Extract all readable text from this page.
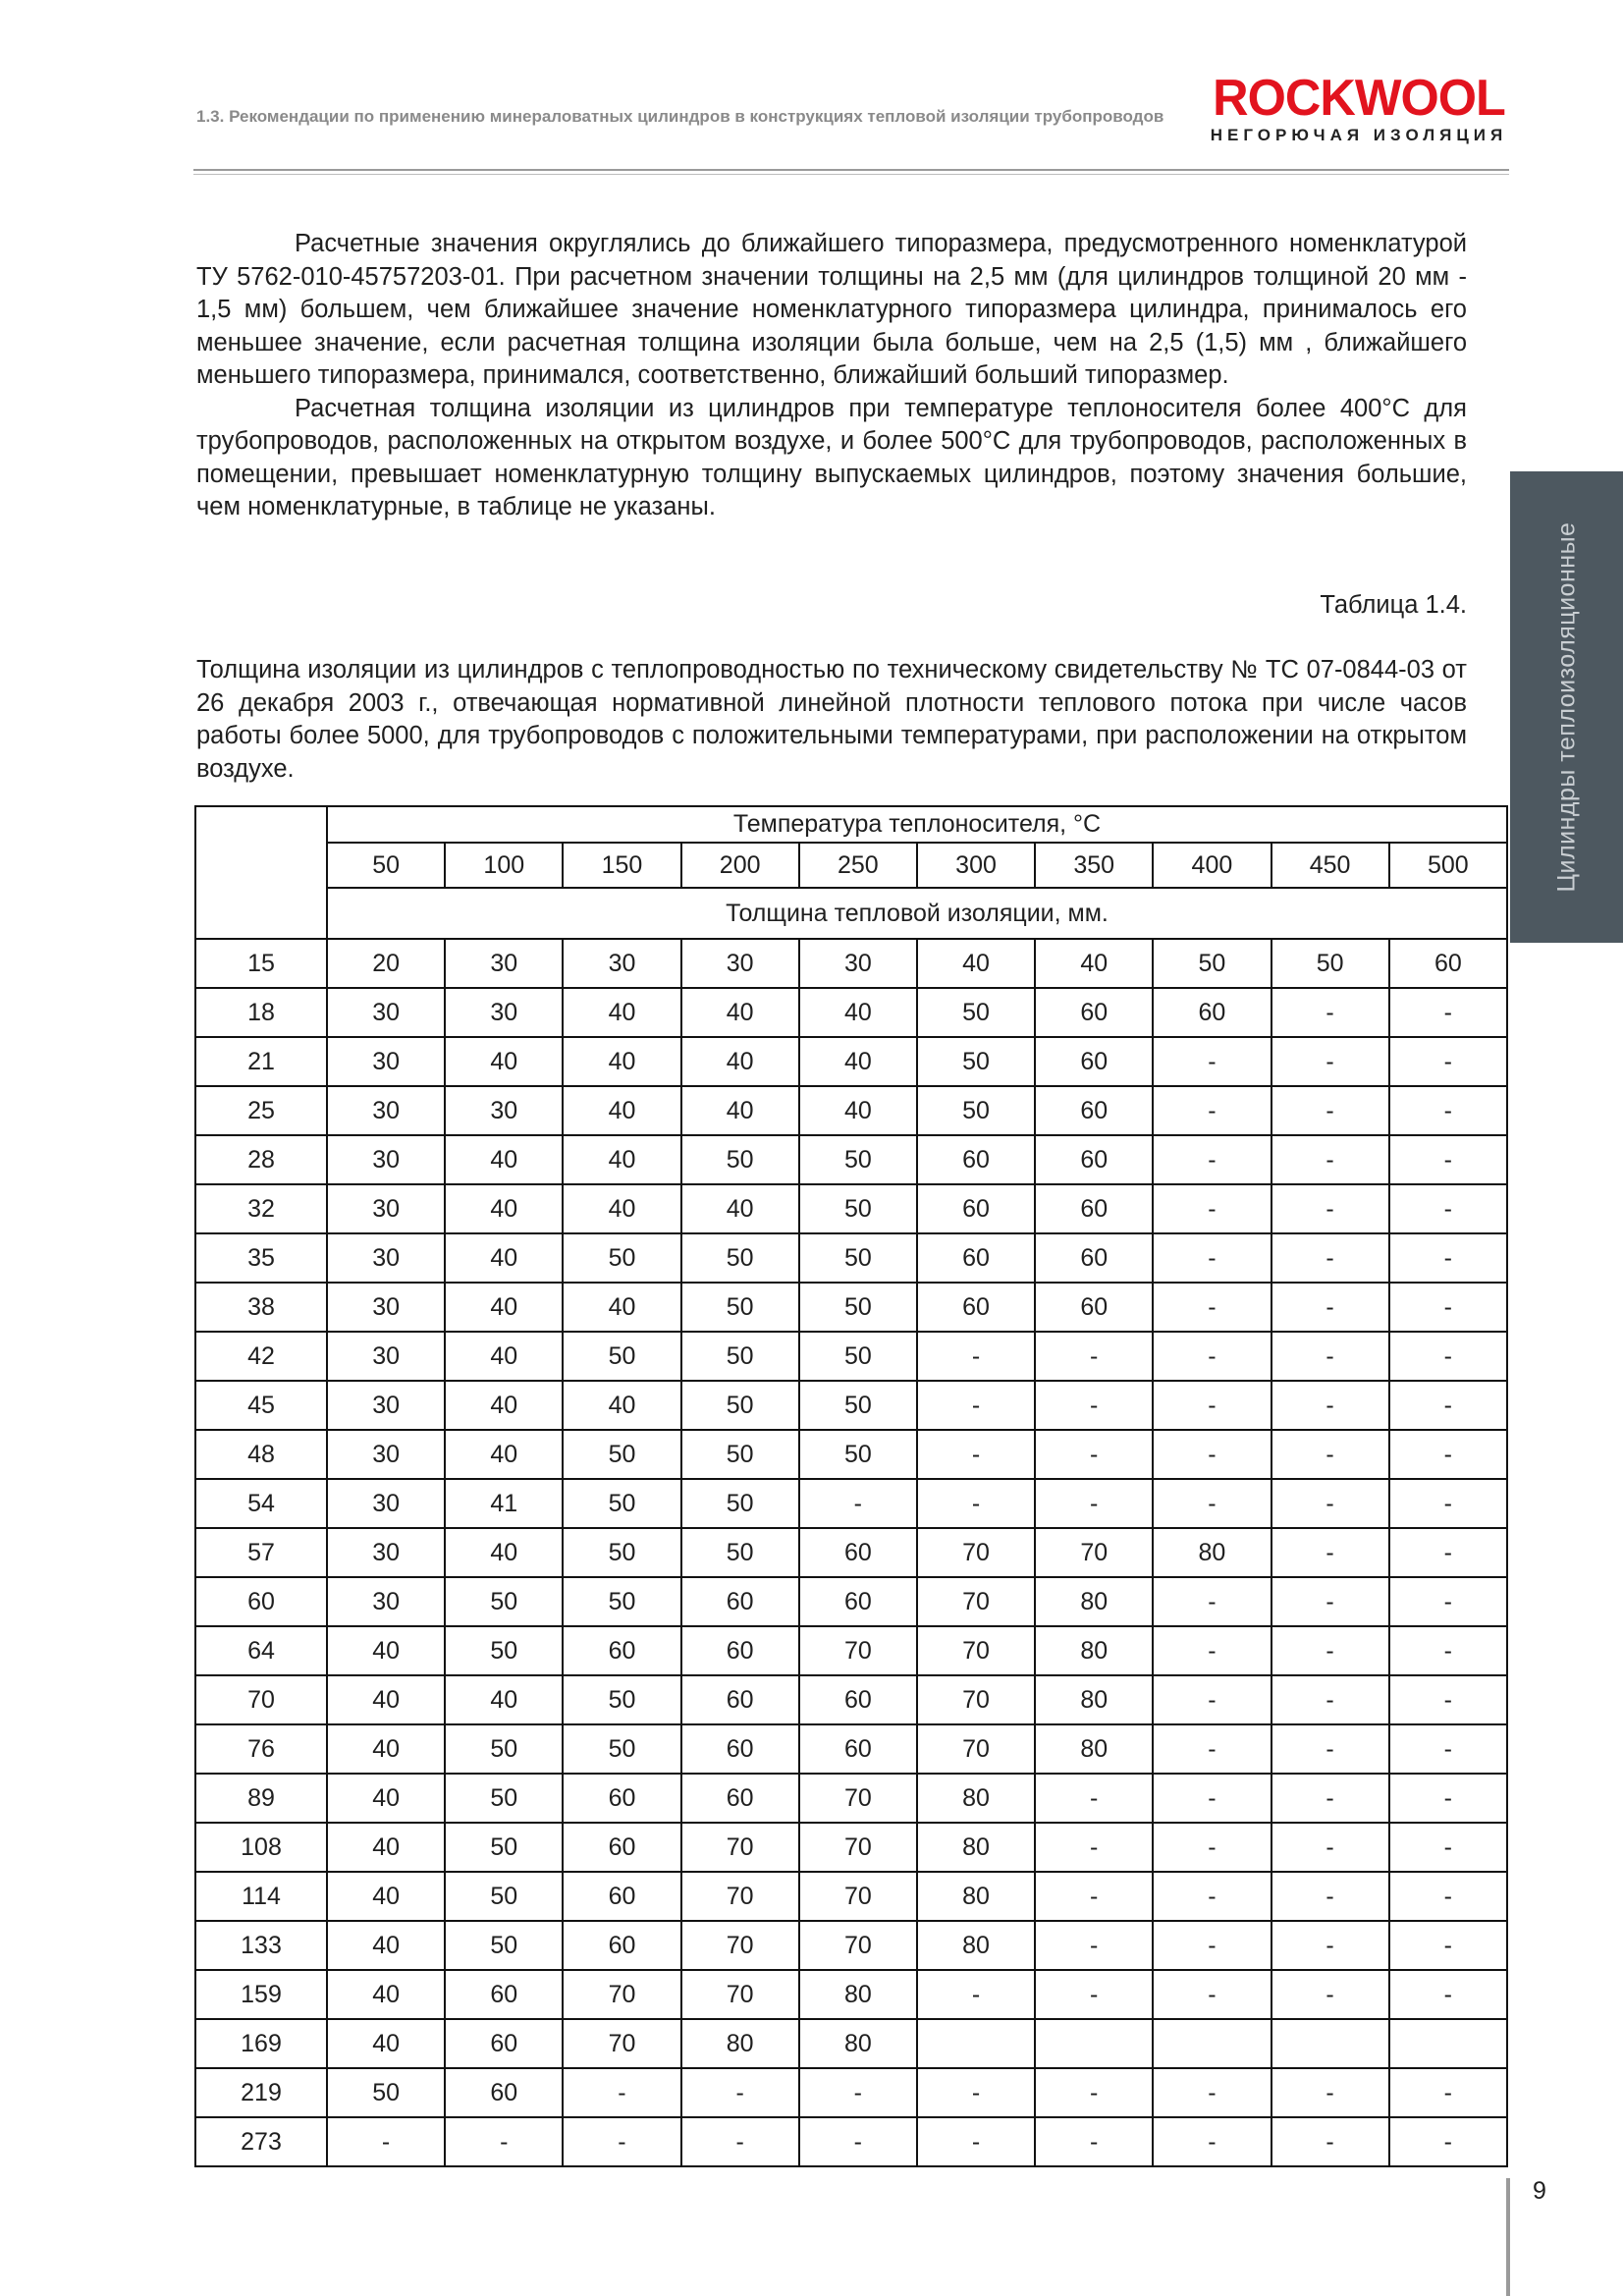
1.3. Рекомендации по применению минераловатных цилиндров в конструкциях тепловой изоляции трубопроводов ROCKWOOL
НЕГОРЮЧАЯ ИЗОЛЯЦИЯ

Расчетные значения округлялись до ближайшего типоразмера, предусмотренного номенклатурой ТУ 5762-010-45757203-01. При расчетном значении толщины на 2,5 мм (для цилиндров толщиной 20 мм - 1,5 мм) большем, чем ближайшее значение номенклатурного типоразмера цилиндра, принималось его меньшее значение, если расчетная толщина изоляции была больше, чем на 2,5 (1,5) мм , ближайшего меньшего типоразмера, принимался, соответственно, ближайший больший типоразмер.

Расчетная толщина изоляции из цилиндров при температуре теплоносителя более 400°С для трубопроводов, расположенных на открытом воздухе, и более 500°С для трубопроводов, расположенных в помещении, превышает номенклатурную толщину выпускаемых цилиндров, поэтому значения большие, чем номенклатурные, в таблице не указаны.

Таблица 1.4.
Толщина изоляции из цилиндров с теплопроводностью по техническому свидетельству № ТС 07-0844-03 от 26 декабря 2003 г., отвечающая нормативной линейной плотности теплового потока при числе часов работы более 5000, для трубопроводов с положительными температурами, при расположении на открытом воздухе.	Цилиндры теплоизоляционные
	Температура теплоносителя, °С									
	50	100	150	200	250	300	350	400	450	500
	Толщина тепловой изоляции, мм.									
15	20	30	30	30	30	40	40	50	50	60
18	30	30	40	40	40	50	60	60	-	-
21	30	40	40	40	40	50	60	-	-	-
25	30	30	40	40	40	50	60	-	-	-
28	30	40	40	50	50	60	60	-	-	-
32	30	40	40	40	50	60	60	-	-	-
35	30	40	50	50	50	60	60	-	-	-
38	30	40	40	50	50	60	60	-	-	-
42	30	40	50	50	50	-	-	-	-	-
45	30	40	40	50	50	-	-	-	-	-
48	30	40	50	50	50	-	-	-	-	-
54	30	41	50	50	-	-	-	-	-	-
57	30	40	50	50	60	70	70	80	-	-
60	30	50	50	60	60	70	80	-	-	-
64	40	50	60	60	70	70	80	-	-	-
70	40	40	50	60	60	70	80	-	-	-
76	40	50	50	60	60	70	80	-	-	-
89	40	50	60	60	70	80	-	-	-	-
108	40	50	60	70	70	80	-	-	-	-
114	40	50	60	70	70	80	-	-	-	-
133	40	50	60	70	70	80	-	-	-	-
159	40	60	70	70	80	-	-	-	-	-
169	40	60	70	80	80					
219	50	60	-	-	-	-	-	-	-	-
273	-	-	-	-	-	-	-	-	-	-
9
